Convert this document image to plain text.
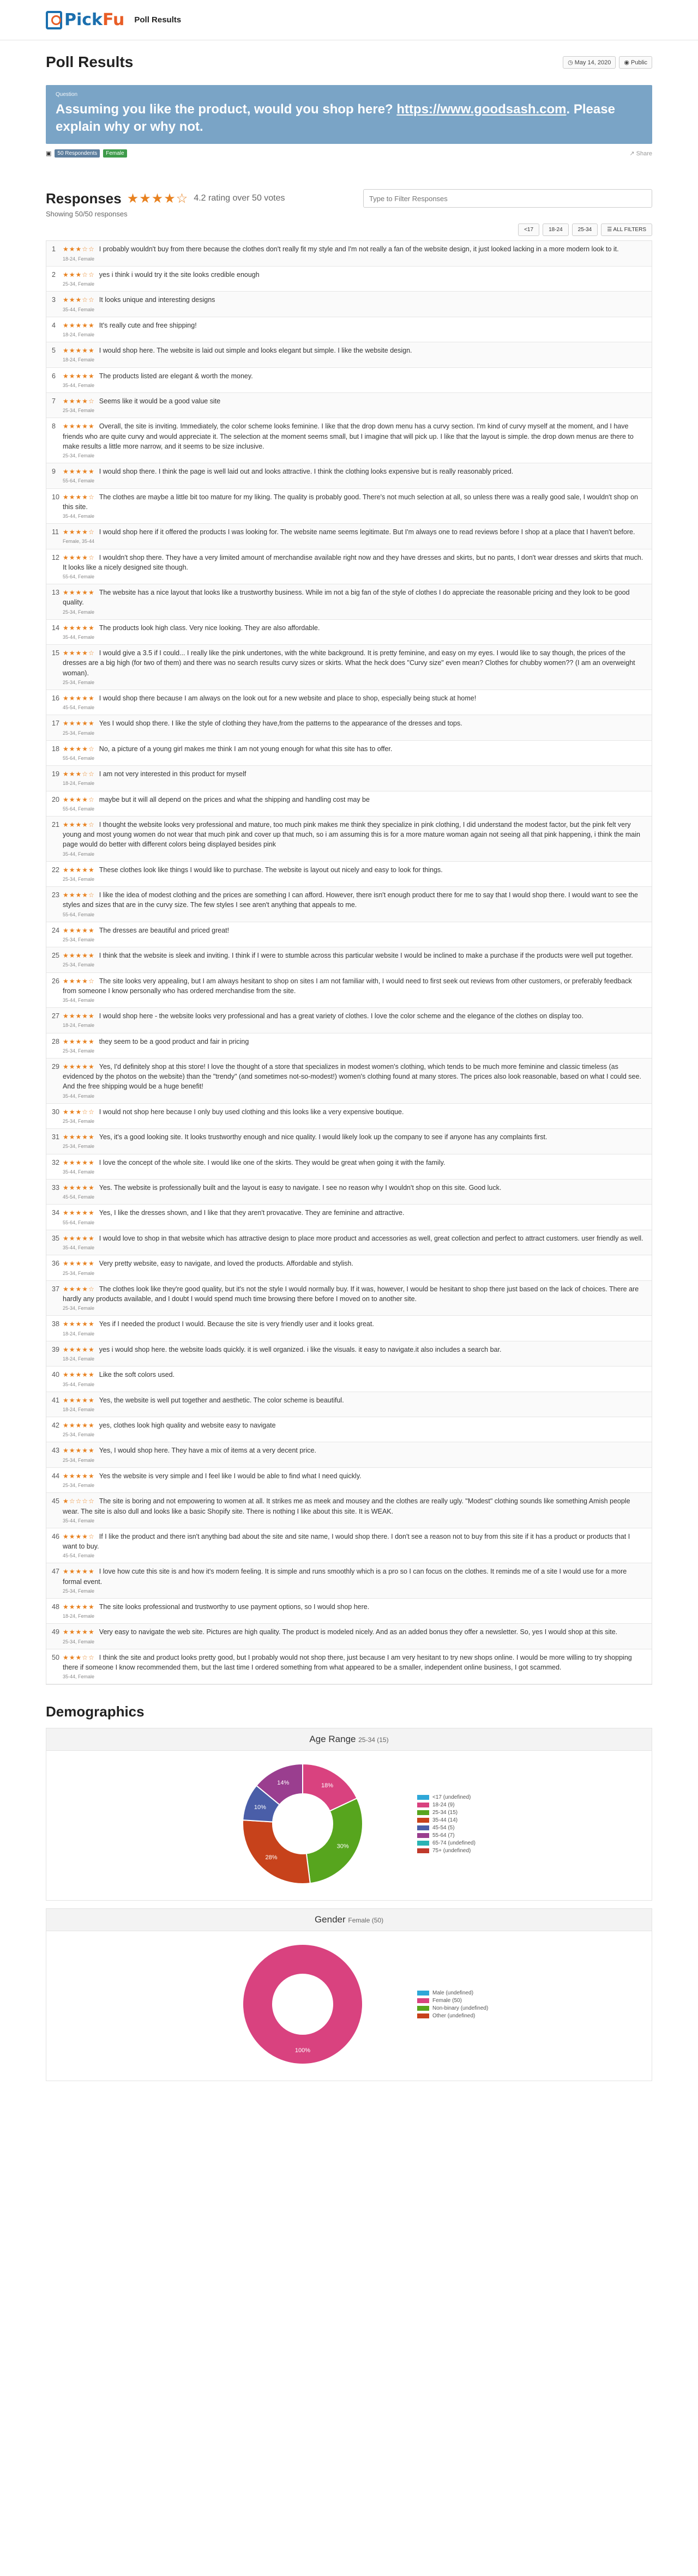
Pick Fu Poll Results
Poll Results	◷ May 14, 2020	◉ Public
Question
Assuming you like the product, would you shop here? https://www.goodsash.com. Please explain why or why not.
▣	50 Respondents	Female	↗ Share
Responses ★★★★☆ 4.2 rating over 50 votes
Type to Filter Responses
Showing 50/50 responses
<17	18-24	25-34	☰ ALL FILTERS
1	★★★☆☆ I probably wouldn't buy from there because the clothes don't really fit my style and I'm not really a fan of the website design, it just looked lacking in a more modern look to it.
18-24, Female
2	★★★☆☆ yes i think i would try it the site looks credible enough
25-34, Female
3	★★★☆☆ It looks unique and interesting designs
35-44, Female
4	★★★★★ It's really cute and free shipping!
18-24, Female
5	★★★★★ I would shop here. The website is laid out simple and looks elegant but simple. I like the website design.
18-24, Female
6	★★★★★ The products listed are elegant & worth the money.
35-44, Female
7	★★★★☆ Seems like it would be a good value site
25-34, Female
8	★★★★★ Overall, the site is inviting. Immediately, the color scheme looks feminine. I like that the drop down menu has a curvy section. I'm kind of curvy myself at the moment, and I have friends who are quite curvy and would appreciate it. The selection at the moment seems small, but I imagine that will pick up. I like that the layout is simple. the drop down menus are there to make results a little more narrow, and it seems to be size inclusive.
25-34, Female
9	★★★★★ I would shop there. I think the page is well laid out and looks attractive. I think the clothing looks expensive but is really reasonably priced.
55-64, Female
10 ★★★★☆ The clothes are maybe a little bit too mature for my liking. The quality is probably good. There's not much selection at all, so unless there was a really good sale, I wouldn't shop on this site.
35-44, Female
11 ★★★★☆ I would shop here if it offered the products I was looking for. The website name seems legitimate. But I'm always one to read reviews before I shop at a place that I haven't before.
Female, 35-44
12 ★★★★☆ I wouldn't shop there. They have a very limited amount of merchandise available right now and they have dresses and skirts, but no pants, I don't wear dresses and skirts that much. It looks like a nicely designed site though.
55-64, Female
13 ★★★★★ The website has a nice layout that looks like a trustworthy business. While im not a big fan of the style of clothes I do appreciate the reasonable pricing and they look to be good quality.
25-34, Female
14 ★★★★★ The products look high class. Very nice looking. They are also affordable.
35-44, Female
15 ★★★★☆ I would give a 3.5 if I could... I really like the pink undertones, with the white background. It is pretty feminine, and easy on my eyes. I would like to say though, the prices of the dresses are a big high (for two of them) and there was no search results curvy sizes or skirts. What the heck does "Curvy size" even mean? Clothes for chubby women?? (I am an overweight woman).
25-34, Female
16 ★★★★★ I would shop there because I am always on the look out for a new website and place to shop, especially being stuck at home!
45-54, Female
17 ★★★★★ Yes I would shop there. I like the style of clothing they have,from the patterns to the appearance of the dresses and tops.
25-34, Female
18 ★★★★☆ No, a picture of a young girl makes me think I am not young enough for what this site has to offer.
55-64, Female
19 ★★★☆☆ I am not very interested in this product for myself
18-24, Female
20 ★★★★☆ maybe but it will all depend on the prices and what the shipping and handling cost may be
55-64, Female
21 ★★★★☆ I thought the website looks very professional and mature, too much pink makes me think they specialize in pink clothing, I did understand the modest factor, but the pink felt very young and most young women do not wear that much pink and cover up that much, so i am assuming this is for a more mature woman again not seeing all that pink happening, i think the main page would do better with different colors being displayed besides pink
35-44, Female
22 ★★★★★ These clothes look like things I would like to purchase. The website is layout out nicely and easy to look for things.
25-34, Female
23 ★★★★☆ I like the idea of modest clothing and the prices are something I can afford. However, there isn't enough product there for me to say that I would shop there. I would want to see the styles and sizes that are in the curvy size. The few styles I see aren't anything that appeals to me.
55-64, Female
24 ★★★★★ The dresses are beautiful and priced great!
25-34, Female
25 ★★★★★ I think that the website is sleek and inviting. I think if I were to stumble across this particular website I would be inclined to make a purchase if the products were well put together.
25-34, Female
26 ★★★★☆ The site looks very appealing, but I am always hesitant to shop on sites I am not familiar with, I would need to first seek out reviews from other customers, or preferably feedback from someone I know personally who has ordered merchandise from the site.
35-44, Female
27 ★★★★★ I would shop here - the website looks very professional and has a great variety of clothes. I love the color scheme and the elegance of the clothes on display too.
18-24, Female
28 ★★★★★ they seem to be a good product and fair in pricing
25-34, Female
29 ★★★★★ Yes, I'd definitely shop at this store! I love the thought of a store that specializes in modest women's clothing, which tends to be much more feminine and classic timeless (as evidenced by the photos on the website) than the "trendy" (and sometimes not-so-modest!) women's clothing found at many stores. The prices also look reasonable, based on what I could see. And the free shipping would be a huge benefit!
35-44, Female
30 ★★★☆☆ I would not shop here because I only buy used clothing and this looks like a very expensive boutique.
25-34, Female
31 ★★★★★ Yes, it's a good looking site. It looks trustworthy enough and nice quality. I would likely look up the company to see if anyone has any complaints first.
25-34, Female
32 ★★★★★ I love the concept of the whole site. I would like one of the skirts. They would be great when going it with the family.
35-44, Female
33 ★★★★★ Yes. The website is professionally built and the layout is easy to navigate. I see no reason why I wouldn't shop on this site. Good luck.
45-54, Female
34 ★★★★★ Yes, I like the dresses shown, and I like that they aren't provacative. They are feminine and attractive.
55-64, Female
35 ★★★★★ I would love to shop in that website which has attractive design to place more product and accessories as well, great collection and perfect to attract customers. user friendly as well.
35-44, Female
36 ★★★★★ Very pretty website, easy to navigate, and loved the products. Affordable and stylish.
25-34, Female
37 ★★★★☆ The clothes look like they're good quality, but it's not the style I would normally buy. If it was, however, I would be hesitant to shop there just based on the lack of choices. There are hardly any products available, and I doubt I would spend much time browsing there before I moved on to another site.
25-34, Female
38 ★★★★★ Yes if I needed the product I would. Because the site is very friendly user and it looks great.
18-24, Female
39 ★★★★★ yes i would shop here. the website loads quickly. it is well organized. i like the visuals. it easy to navigate.it also includes a search bar.
18-24, Female
40 ★★★★★ Like the soft colors used.
35-44, Female
41 ★★★★★ Yes, the website is well put together and aesthetic. The color scheme is beautiful.
18-24, Female
42 ★★★★★ yes, clothes look high quality and website easy to navigate
25-34, Female
43 ★★★★★ Yes, I would shop here. They have a mix of items at a very decent price.
25-34, Female
44 ★★★★★ Yes the website is very simple and I feel like I would be able to find what I need quickly.
25-34, Female
45 ★☆☆☆☆ The site is boring and not empowering to women at all. It strikes me as meek and mousey and the clothes are really ugly. "Modest" clothing sounds like something Amish people wear. The site is also dull and looks like a basic Shopify site. There is nothing I like about this site. It is WEAK.
35-44, Female
46 ★★★★☆ If I like the product and there isn't anything bad about the site and site name, I would shop there. I don't see a reason not to buy from this site if it has a product or products that I want to buy.
45-54, Female
47 ★★★★★ I love how cute this site is and how it's modern feeling. It is simple and runs smoothly which is a pro so I can focus on the clothes. It reminds me of a site I would use for a more formal event.
25-34, Female
48 ★★★★★ The site looks professional and trustworthy to use payment options, so I would shop here.
18-24, Female
49 ★★★★★ Very easy to navigate the web site. Pictures are high quality. The product is modeled nicely. And as an added bonus they offer a newsletter. So, yes I would shop at this site.
25-34, Female
50 ★★★☆☆ I think the site and product looks pretty good, but I probably would not shop there, just because I am very hesitant to try new shops online. I would be more willing to try shopping there if someone I know recommended them, but the last time I ordered something from what appeared to be a smaller, independent online business, I got scammed.
35-44, Female
Demographics
Age Range 25-34 (15)
18%
30%
28%
10%
14%
<17 (undefined)
18-24 (9)
25-34 (15)
35-44 (14)
45-54 (5)
55-64 (7)
65-74 (undefined)
75+ (undefined)
Gender Female (50)
100%
Male (undefined)
Female (50)
Non-binary (undefined)
Other (undefined)
